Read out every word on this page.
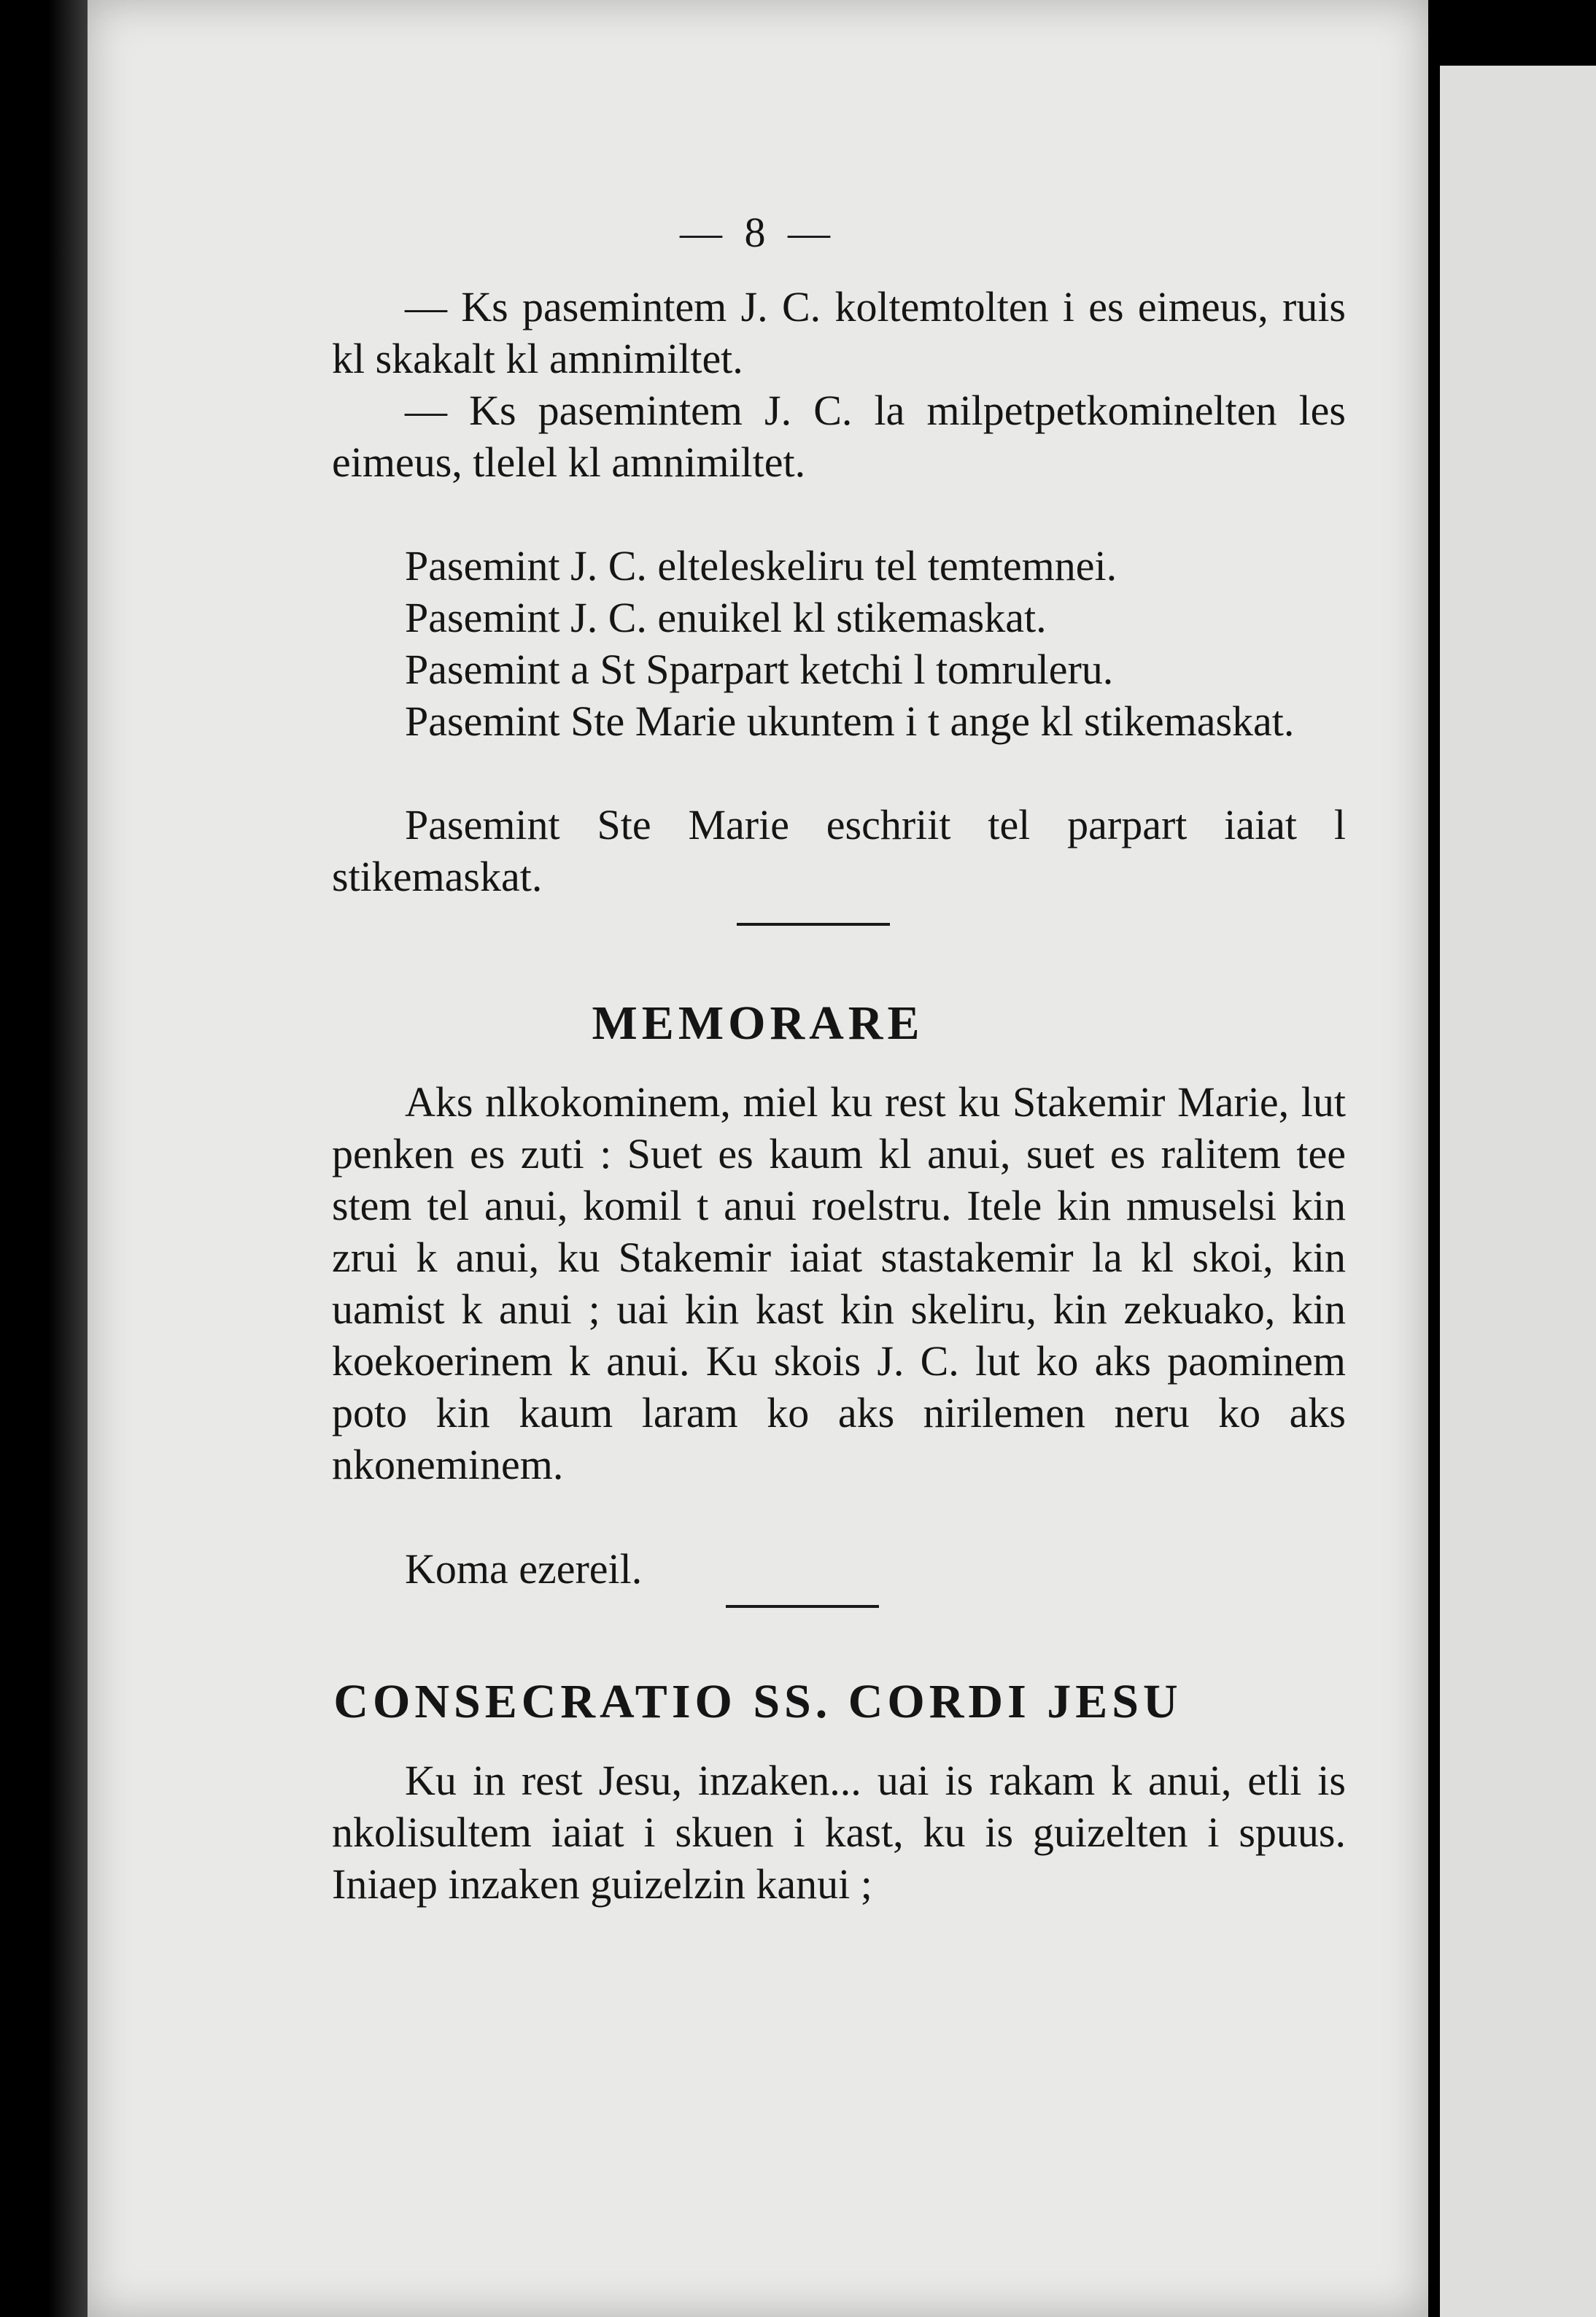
— 8 —

— Ks pasemintem J. C. koltemtolten i es eimeus, ruis kl skakalt kl amnimiltet.

— Ks pasemintem J. C. la milpetpetkominelten les eimeus, tlelel kl amnimiltet.

Pasemint J. C. elteleskeliru tel temtemnei.

Pasemint J. C. enuikel kl stikemaskat.

Pasemint a St Sparpart ketchi l tomruleru.

Pasemint Ste Marie ukuntem i t ange kl stikemaskat.

Pasemint Ste Marie eschriit tel parpart iaiat l stikemaskat.

MEMORARE

Aks nlkokominem, miel ku rest ku Stakemir Marie, lut penken es zuti : Suet es kaum kl anui, suet es ralitem tee stem tel anui, komil t anui roelstru. Itele kin nmuselsi kin zrui k anui, ku Stakemir iaiat stastakemir la kl skoi, kin uamist k anui ; uai kin kast kin skeliru, kin zekuako, kin koekoerinem k anui. Ku skois J. C. lut ko aks paominem poto kin kaum laram ko aks nirilemen neru ko aks nkoneminem.

Koma ezereil.

CONSECRATIO SS. CORDI JESU

Ku in rest Jesu, inzaken... uai is rakam k anui, etli is nkolisultem iaiat i skuen i kast, ku is guizelten i spuus. Iniaep inzaken guizelzin kanui ;
